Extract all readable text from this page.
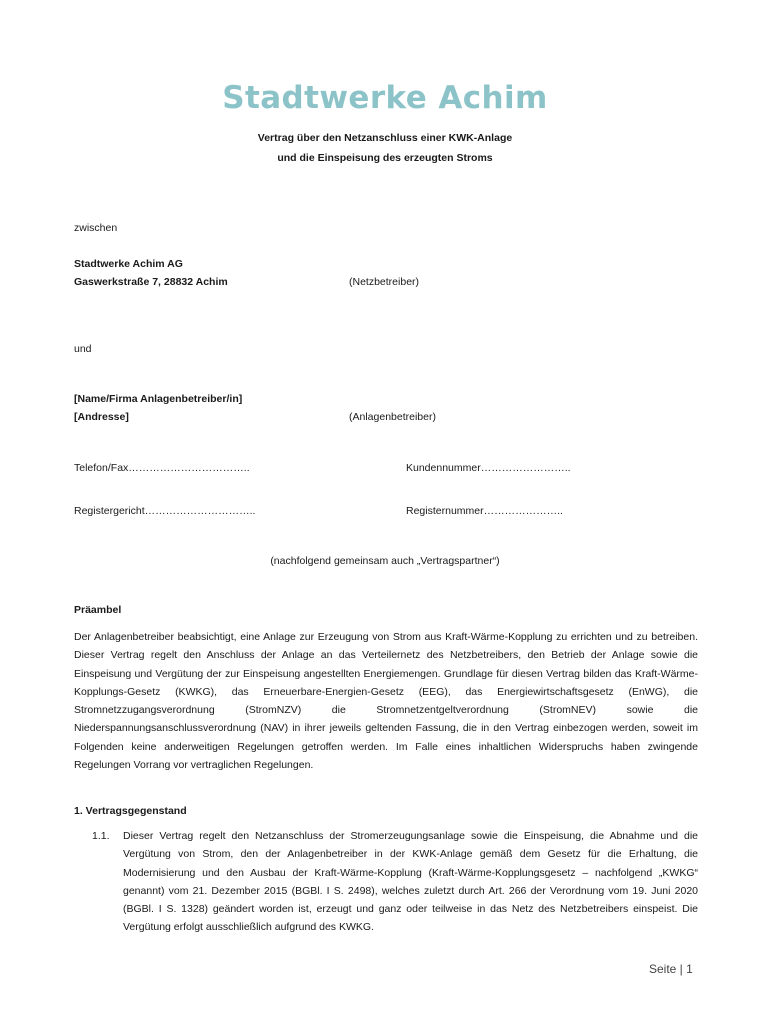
Stadtwerke Achim
Vertrag über den Netzanschluss einer KWK-Anlage
und die Einspeisung des erzeugten Stroms
zwischen
Stadtwerke Achim AG
Gaswerkstraße 7, 28832 Achim	(Netzbetreiber)
und
[Name/Firma Anlagenbetreiber/in]
[Andresse]	(Anlagenbetreiber)
Telefon/Fax……………………………..	Kundennummer……………………..
Registergericht…………………………..	Registernummer…………………..
(nachfolgend gemeinsam auch „Vertragspartner“)
Präambel
Der Anlagenbetreiber beabsichtigt, eine Anlage zur Erzeugung von Strom aus Kraft-Wärme-Kopplung zu errichten und zu betreiben. Dieser Vertrag regelt den Anschluss der Anlage an das Verteilernetz des Netzbetreibers, den Betrieb der Anlage sowie die Einspeisung und Vergütung der zur Einspeisung angestellten Energiemengen. Grundlage für diesen Vertrag bilden das Kraft-Wärme-Kopplungs-Gesetz (KWKG), das Erneuerbare-Energien-Gesetz (EEG), das Energiewirtschaftsgesetz (EnWG), die Stromnetzzugangsverordnung (StromNZV) die Stromnetzentgeltverordnung (StromNEV) sowie die Niederspannungsanschlussverordnung (NAV) in ihrer jeweils geltenden Fassung, die in den Vertrag einbezogen werden, soweit im Folgenden keine anderweitigen Regelungen getroffen werden. Im Falle eines inhaltlichen Widerspruchs haben zwingende Regelungen Vorrang vor vertraglichen Regelungen.
1. Vertragsgegenstand
1.1. Dieser Vertrag regelt den Netzanschluss der Stromerzeugungsanlage sowie die Einspeisung, die Abnahme und die Vergütung von Strom, den der Anlagenbetreiber in der KWK-Anlage gemäß dem Gesetz für die Erhaltung, die Modernisierung und den Ausbau der Kraft-Wärme-Kopplung (Kraft-Wärme-Kopplungsgesetz – nachfolgend „KWKG“ genannt) vom 21. Dezember 2015 (BGBl. I S. 2498), welches zuletzt durch Art. 266 der Verordnung vom 19. Juni 2020 (BGBl. I S. 1328) geändert worden ist, erzeugt und ganz oder teilweise in das Netz des Netzbetreibers einspeist. Die Vergütung erfolgt ausschließlich aufgrund des KWKG.
Seite | 1
